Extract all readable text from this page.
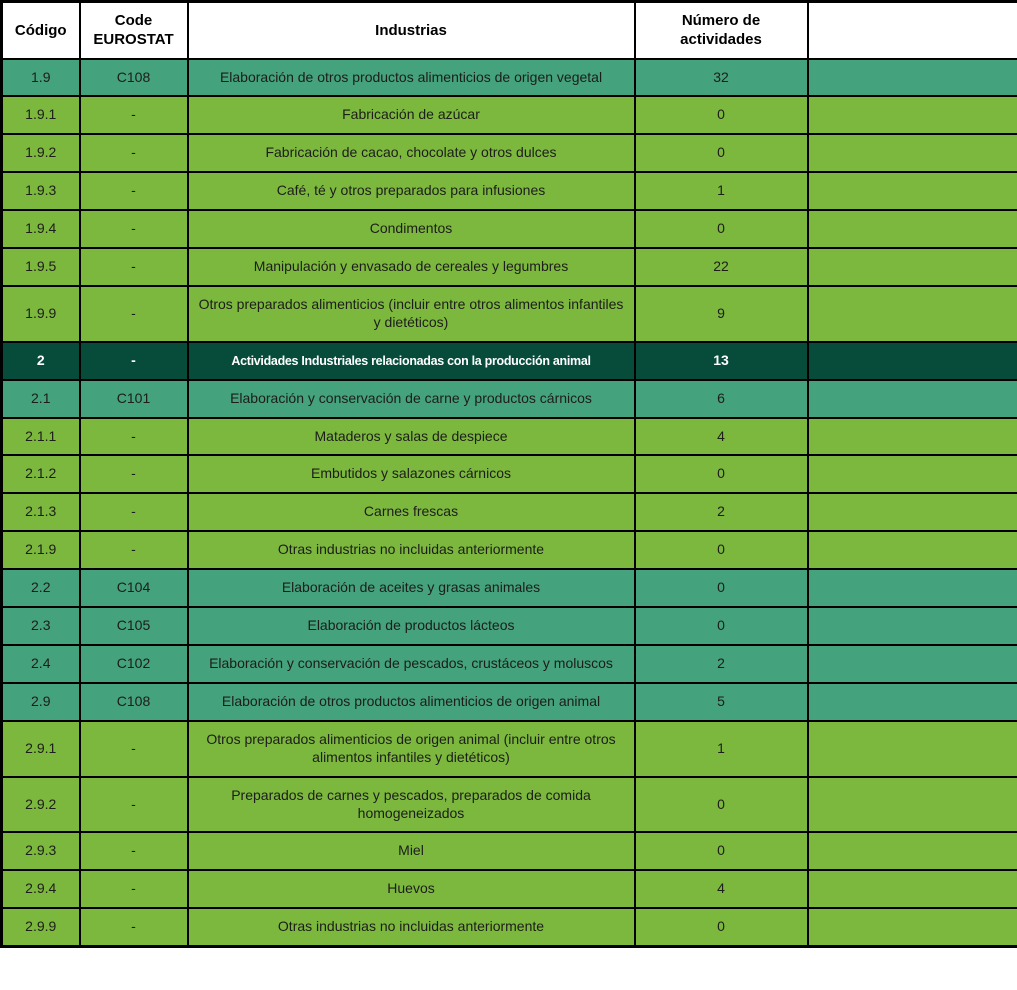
Código	Code EUROSTAT	Industrias	Número de actividades	
1.9	C108	Elaboración de otros productos alimenticios de origen vegetal	32	
1.9.1	-	Fabricación de azúcar	0	
1.9.2	-	Fabricación de cacao, chocolate y otros dulces	0	
1.9.3	-	Café, té y otros preparados para infusiones	1	
1.9.4	-	Condimentos	0	
1.9.5	-	Manipulación y envasado de cereales y legumbres	22	
1.9.9	-	Otros preparados alimenticios (incluir entre otros alimentos infantiles y dietéticos)	9	
2	-	Actividades Industriales relacionadas con la producción animal	13	
2.1	C101	Elaboración y conservación de carne y productos cárnicos	6	
2.1.1	-	Mataderos y salas de despiece	4	
2.1.2	-	Embutidos y salazones cárnicos	0	
2.1.3	-	Carnes frescas	2	
2.1.9	-	Otras industrias no incluidas anteriormente	0	
2.2	C104	Elaboración de aceites y grasas animales	0	
2.3	C105	Elaboración de productos lácteos	0	
2.4	C102	Elaboración y conservación de pescados, crustáceos y moluscos	2	
2.9	C108	Elaboración de otros productos alimenticios de origen animal	5	
2.9.1	-	Otros preparados alimenticios de origen animal (incluir entre otros alimentos infantiles y dietéticos)	1	
2.9.2	-	Preparados de carnes y pescados, preparados de comida homogeneizados	0	
2.9.3	-	Miel	0	
2.9.4	-	Huevos	4	
2.9.9	-	Otras industrias no incluidas anteriormente	0	
